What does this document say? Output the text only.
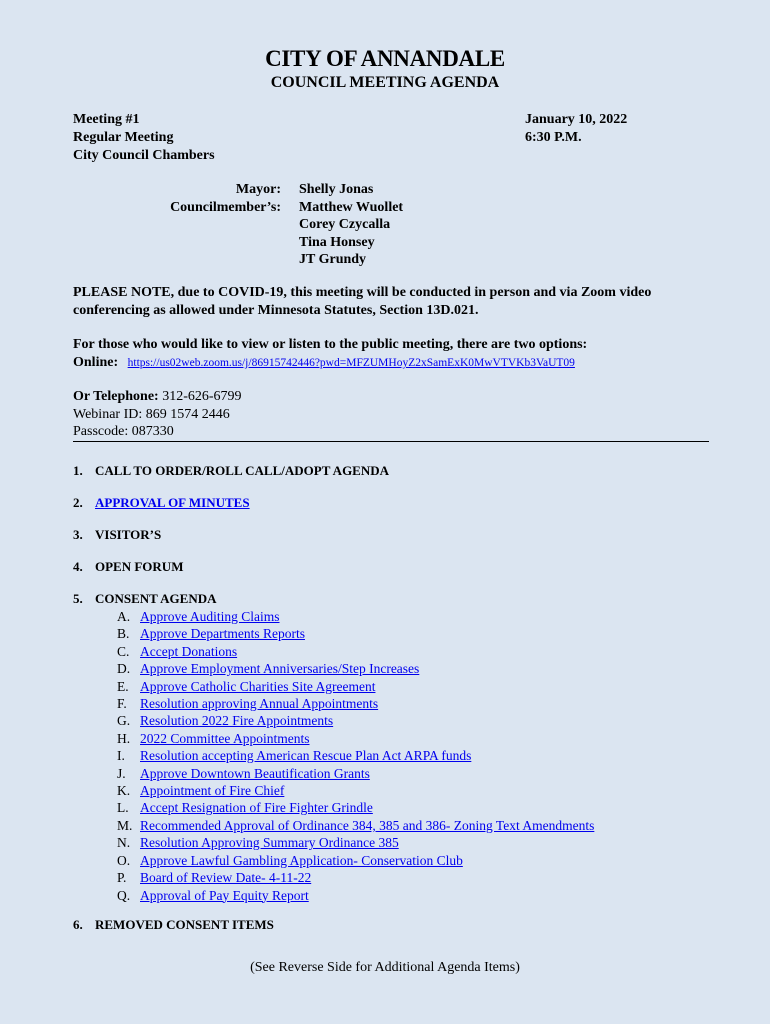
CITY OF ANNANDALE
COUNCIL MEETING AGENDA
Meeting #1
Regular Meeting
City Council Chambers
January 10, 2022
6:30 P.M.
Mayor:
Councilmember’s:
Shelly Jonas
Matthew Wuollet
Corey Czycalla
Tina Honsey
JT Grundy
PLEASE NOTE, due to COVID-19, this meeting will be conducted in person and via Zoom video conferencing as allowed under Minnesota Statutes, Section 13D.021.
For those who would like to view or listen to the public meeting, there are two options:
Online: https://us02web.zoom.us/j/86915742446?pwd=MFZUMHoyZ2xSamExK0MwVTVKb3VaUT09
Or Telephone: 312-626-6799
Webinar ID: 869 1574 2446
Passcode: 087330
1. CALL TO ORDER/ROLL CALL/ADOPT AGENDA
2. APPROVAL OF MINUTES
3. VISITOR’S
4. OPEN FORUM
5. CONSENT AGENDA
A. Approve Auditing Claims
B. Approve Departments Reports
C. Accept Donations
D. Approve Employment Anniversaries/Step Increases
E. Approve Catholic Charities Site Agreement
F. Resolution approving Annual Appointments
G. Resolution 2022 Fire Appointments
H. 2022 Committee Appointments
I. Resolution accepting American Rescue Plan Act ARPA funds
J. Approve Downtown Beautification Grants
K. Appointment of Fire Chief
L. Accept Resignation of Fire Fighter Grindle
M. Recommended Approval of Ordinance 384, 385 and 386- Zoning Text Amendments
N. Resolution Approving Summary Ordinance 385
O. Approve Lawful Gambling Application- Conservation Club
P. Board of Review Date- 4-11-22
Q. Approval of Pay Equity Report
6. REMOVED CONSENT ITEMS
(See Reverse Side for Additional Agenda Items)
